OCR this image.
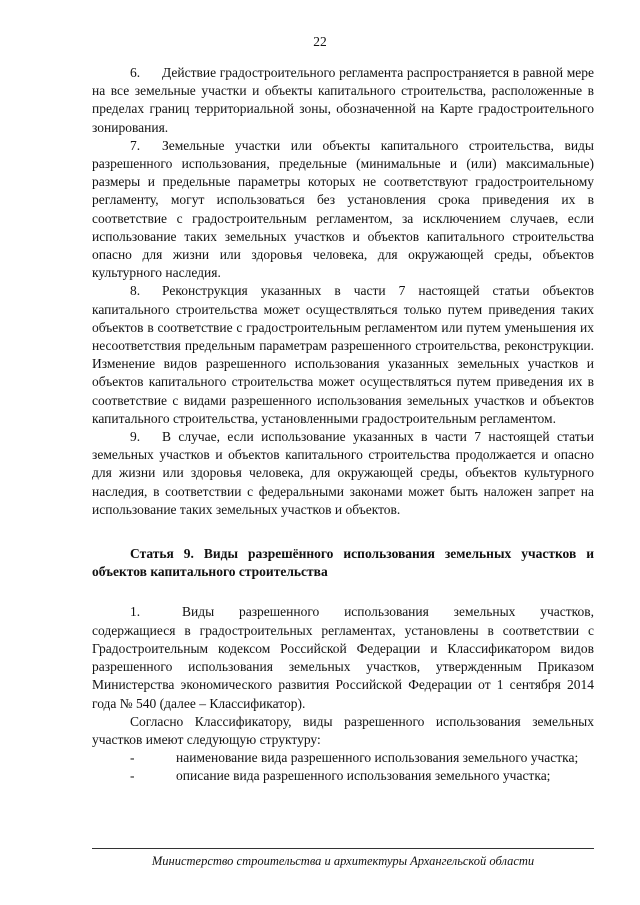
22

6. Действие градостроительного регламента распространяется в равной мере на все земельные участки и объекты капитального строительства, расположенные в пределах границ территориальной зоны, обозначенной на Карте градостроительного зонирования.

7. Земельные участки или объекты капитального строительства, виды разрешенного использования, предельные (минимальные и (или) максимальные) размеры и предельные параметры которых не соответствуют градостроительному регламенту, могут использоваться без установления срока приведения их в соответствие с градостроительным регламентом, за исключением случаев, если использование таких земельных участков и объектов капитального строительства опасно для жизни или здоровья человека, для окружающей среды, объектов культурного наследия.

8. Реконструкция указанных в части 7 настоящей статьи объектов капитального строительства может осуществляться только путем приведения таких объектов в соответствие с градостроительным регламентом или путем уменьшения их несоответствия предельным параметрам разрешенного строительства, реконструкции. Изменение видов разрешенного использования указанных земельных участков и объектов капитального строительства может осуществляться путем приведения их в соответствие с видами разрешенного использования земельных участков и объектов капитального строительства, установленными градостроительным регламентом.

9. В случае, если использование указанных в части 7 настоящей статьи земельных участков и объектов капитального строительства продолжается и опасно для жизни или здоровья человека, для окружающей среды, объектов культурного наследия, в соответствии с федеральными законами может быть наложен запрет на использование таких земельных участков и объектов.

Статья 9. Виды разрешённого использования земельных участков и объектов капитального строительства

1.	Виды разрешенного использования земельных участков, содержащиеся в градостроительных регламентах, установлены в соответствии с Градостроительным кодексом Российской Федерации и Классификатором видов разрешенного использования земельных участков, утвержденным Приказом Министерства экономического развития Российской Федерации от 1 сентября 2014 года № 540 (далее – Классификатор).

Согласно Классификатору, виды разрешенного использования земельных участков имеют следующую структуру:

-	наименование вида разрешенного использования земельного участка;

-	описание вида разрешенного использования земельного участка;

Министерство строительства и архитектуры Архангельской области
